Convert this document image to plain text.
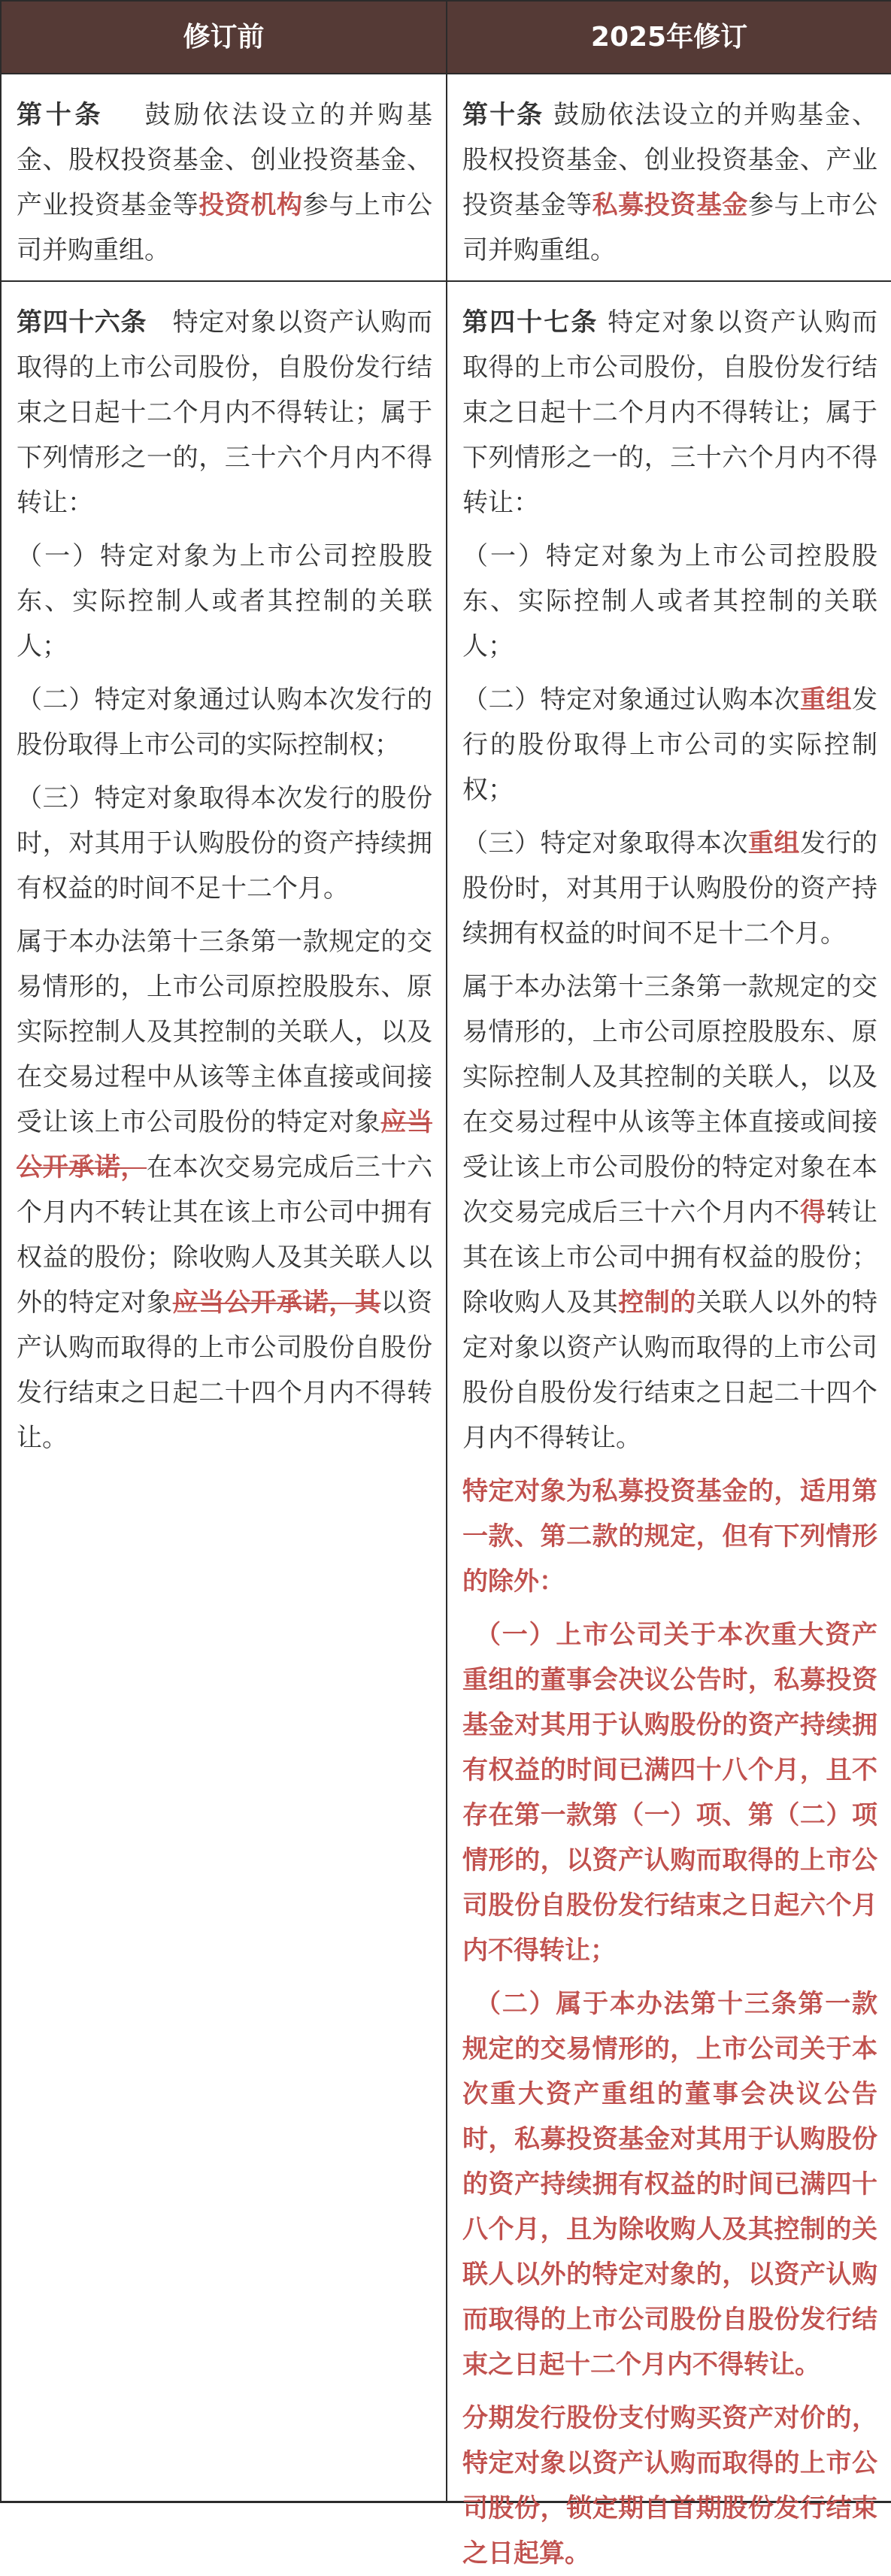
修订前	2025年修订

第十条　 鼓励依法设立的并购基金、股权投资基金、创业投资基金、产业投资基金等投资机构参与上市公司并购重组。

第十条 鼓励依法设立的并购基金、股权投资基金、创业投资基金、产业投资基金等私募投资基金参与上市公司并购重组。

第四十六条　特定对象以资产认购而取得的上市公司股份，自股份发行结束之日起十二个月内不得转让；属于下列情形之一的，三十六个月内不得转让：

（一）特定对象为上市公司控股股东、实际控制人或者其控制的关联人；

（二）特定对象通过认购本次发行的股份取得上市公司的实际控制权；

（三）特定对象取得本次发行的股份时，对其用于认购股份的资产持续拥有权益的时间不足十二个月。

属于本办法第十三条第一款规定的交易情形的，上市公司原控股股东、原实际控制人及其控制的关联人，以及在交易过程中从该等主体直接或间接受让该上市公司股份的特定对象应当公开承诺，在本次交易完成后三十六个月内不转让其在该上市公司中拥有权益的股份；除收购人及其关联人以外的特定对象应当公开承诺，其以资产认购而取得的上市公司股份自股份发行结束之日起二十四个月内不得转让。

第四十七条 特定对象以资产认购而取得的上市公司股份，自股份发行结束之日起十二个月内不得转让；属于下列情形之一的，三十六个月内不得转让：

（一）特定对象为上市公司控股股东、实际控制人或者其控制的关联人；

（二）特定对象通过认购本次重组发行的股份取得上市公司的实际控制权；

（三）特定对象取得本次重组发行的股份时，对其用于认购股份的资产持续拥有权益的时间不足十二个月。

属于本办法第十三条第一款规定的交易情形的，上市公司原控股股东、原实际控制人及其控制的关联人，以及在交易过程中从该等主体直接或间接受让该上市公司股份的特定对象在本次交易完成后三十六个月内不得转让其在该上市公司中拥有权益的股份；除收购人及其控制的关联人以外的特定对象以资产认购而取得的上市公司股份自股份发行结束之日起二十四个月内不得转让。

特定对象为私募投资基金的，适用第一款、第二款的规定，但有下列情形的除外：

（一）上市公司关于本次重大资产重组的董事会决议公告时，私募投资基金对其用于认购股份的资产持续拥有权益的时间已满四十八个月，且不存在第一款第（一）项、第（二）项情形的，以资产认购而取得的上市公司股份自股份发行结束之日起六个月内不得转让；

（二）属于本办法第十三条第一款规定的交易情形的，上市公司关于本次重大资产重组的董事会决议公告时，私募投资基金对其用于认购股份的资产持续拥有权益的时间已满四十八个月，且为除收购人及其控制的关联人以外的特定对象的，以资产认购而取得的上市公司股份自股份发行结束之日起十二个月内不得转让。

分期发行股份支付购买资产对价的，特定对象以资产认购而取得的上市公司股份，锁定期自首期股份发行结束之日起算。
